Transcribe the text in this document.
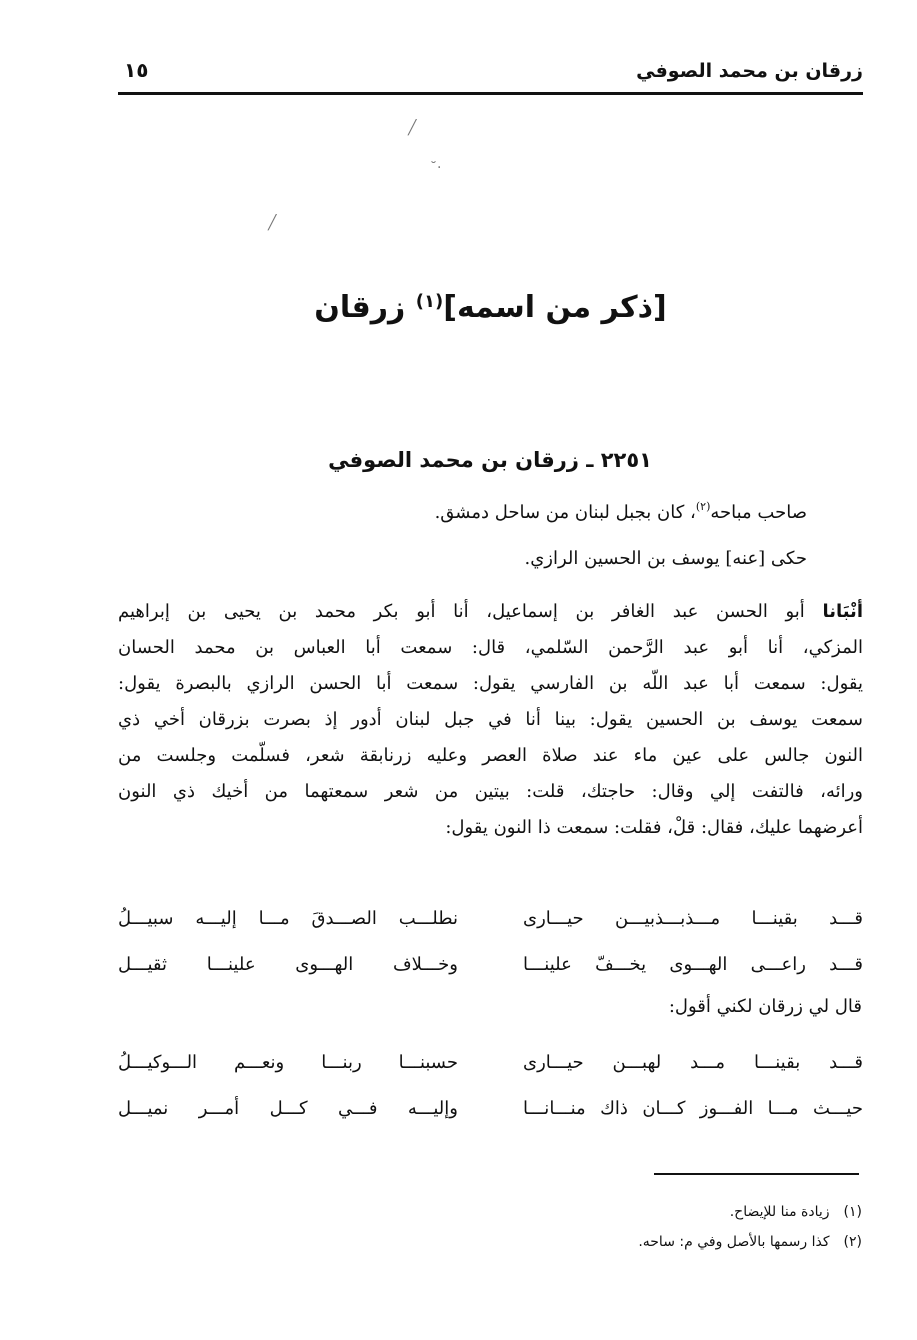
زرقان بن محمد الصوفي
١٥
╱
˘·
╱
[ذكر من اسمه]$^{(١)}$ زرقان
٢٢٥١ ـ زرقان بن محمد الصوفي
صاحب مباحه$^{(٢)}$، كان بجبل لبنان من ساحل دمشق.
حكى [عنه] يوسف بن الحسين الرازي.
أنْبَانا أبو الحسن عبد الغافر بن إسماعيل، أنا أبو بكر محمد بن يحيى بن إبراهيم
المزكي، أنا أبو عبد الرَّحمن السّلمي، قال: سمعت أبا العباس بن محمد الحسان
يقول: سمعت أبا عبد اللّه بن الفارسي يقول: سمعت أبا الحسن الرازي بالبصرة يقول:
سمعت يوسف بن الحسين يقول: بينا أنا في جبل لبنان أدور إذ بصرت بزرقان أخي ذي
النون جالس على عين ماء عند صلاة العصر وعليه زرنابقة شعر، فسلّمت وجلست من
ورائه، فالتفت إلي وقال: حاجتك، قلت: بيتين من شعر سمعتهما من أخيك ذي النون
أعرضهما عليك، فقال: قلْ، فقلت: سمعت ذا النون يقول:
قـــد بقينـــا مـــذبـــذبيـــن حيـــارى
نطلـــب الصـــدقَ مـــا إليـــه سبيـــلُ
قـــد راعـــى الهـــوى يخـــفّ علينـــا
وخـــلاف الهـــوى علينـــا ثقيـــل
قال لي زرقان لكني أقول:
قـــد بقينـــا مـــد لهبـــن حيـــارى
حسبنـــا ربنـــا ونعـــم الـــوكيـــلُ
حيـــث مـــا الفـــوز كـــان ذاك منـــانـــا
وإليـــه فـــي كـــل أمـــر نميـــل
(١)زيادة منا للإيضاح.
(٢)كذا رسمها بالأصل وفي م: ساحه.
